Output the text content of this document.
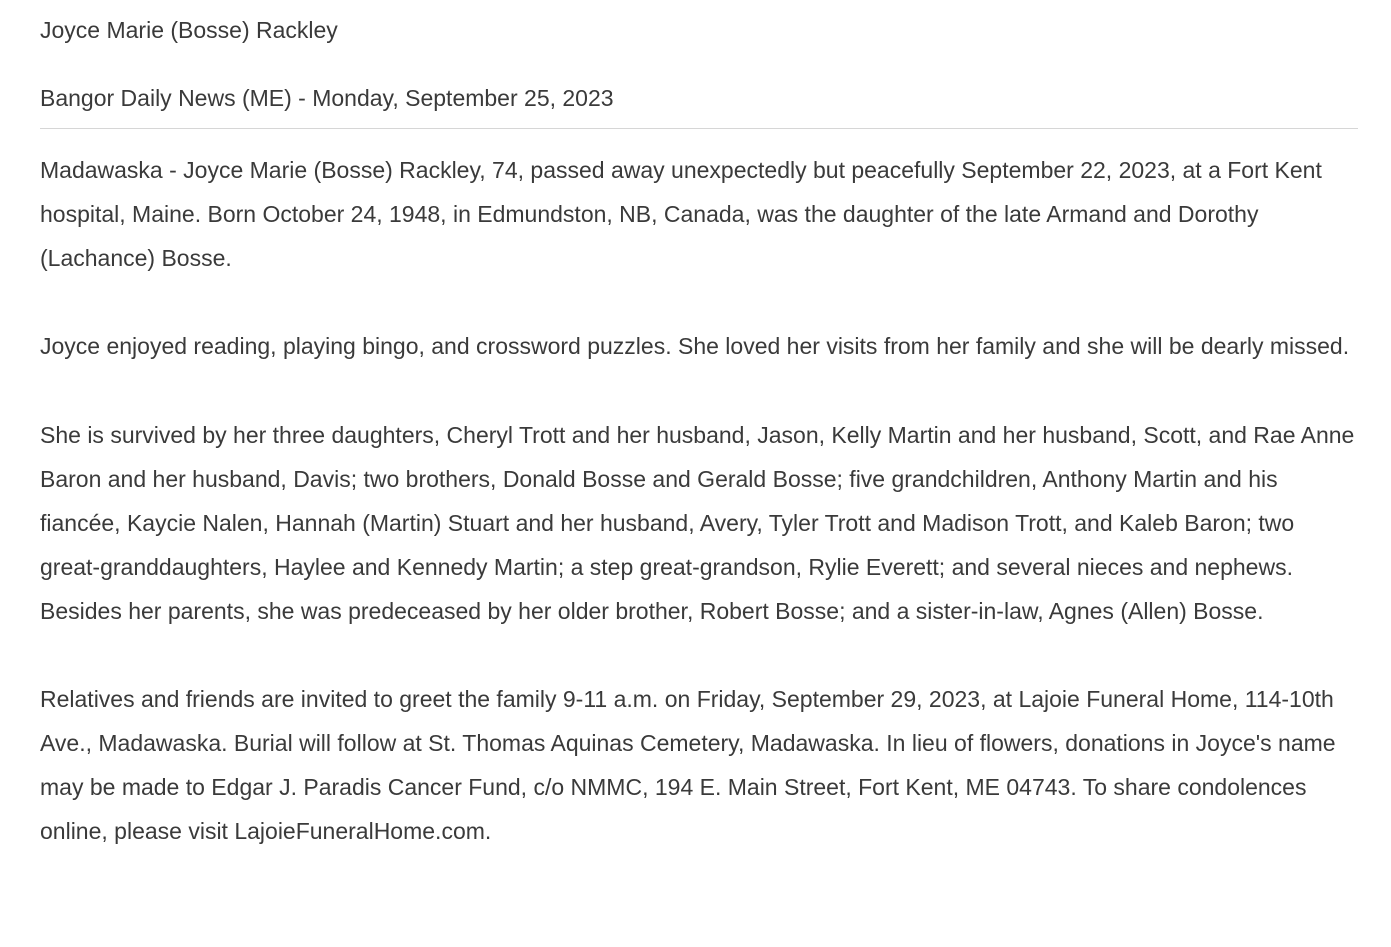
Joyce Marie (Bosse) Rackley

Bangor Daily News (ME) - Monday, September 25, 2023

Madawaska - Joyce Marie (Bosse) Rackley, 74, passed away unexpectedly but peacefully September 22, 2023, at a Fort Kent hospital, Maine. Born October 24, 1948, in Edmundston, NB, Canada, was the daughter of the late Armand and Dorothy (Lachance) Bosse.

Joyce enjoyed reading, playing bingo, and crossword puzzles. She loved her visits from her family and she will be dearly missed.

She is survived by her three daughters, Cheryl Trott and her husband, Jason, Kelly Martin and her husband, Scott, and Rae Anne Baron and her husband, Davis; two brothers, Donald Bosse and Gerald Bosse; five grandchildren, Anthony Martin and his fiancée, Kaycie Nalen, Hannah (Martin) Stuart and her husband, Avery, Tyler Trott and Madison Trott, and Kaleb Baron; two great-granddaughters, Haylee and Kennedy Martin; a step great-grandson, Rylie Everett; and several nieces and nephews. Besides her parents, she was predeceased by her older brother, Robert Bosse; and a sister-in-law, Agnes (Allen) Bosse.

Relatives and friends are invited to greet the family 9-11 a.m. on Friday, September 29, 2023, at Lajoie Funeral Home, 114-10th Ave., Madawaska. Burial will follow at St. Thomas Aquinas Cemetery, Madawaska. In lieu of flowers, donations in Joyce's name may be made to Edgar J. Paradis Cancer Fund, c/o NMMC, 194 E. Main Street, Fort Kent, ME 04743. To share condolences online, please visit LajoieFuneralHome.com.
